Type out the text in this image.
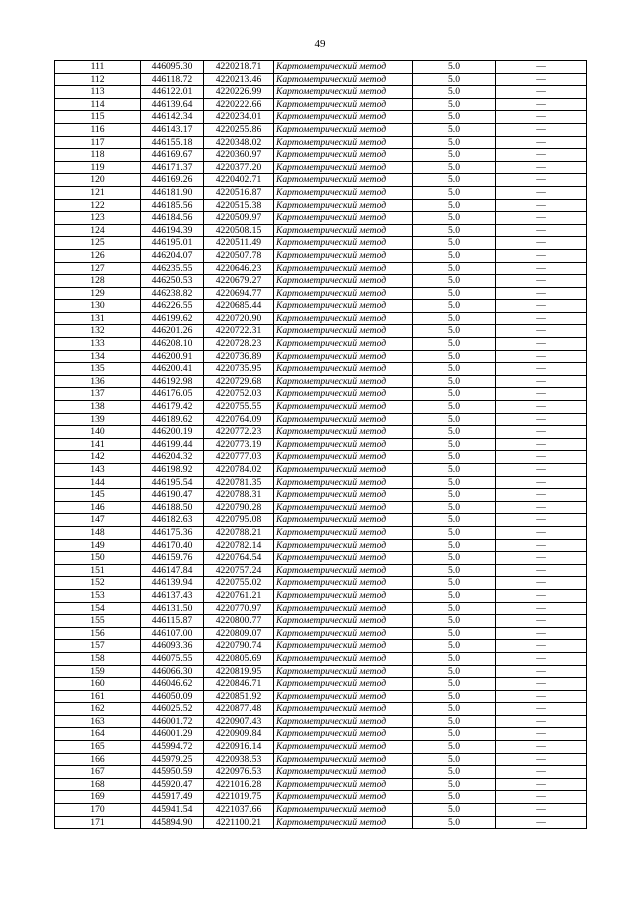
49
111	446095.30	4220218.71	Картометрический метод	5.0	—
112	446118.72	4220213.46	Картометрический метод	5.0	—
113	446122.01	4220226.99	Картометрический метод	5.0	—
114	446139.64	4220222.66	Картометрический метод	5.0	—
115	446142.34	4220234.01	Картометрический метод	5.0	—
116	446143.17	4220255.86	Картометрический метод	5.0	—
117	446155.18	4220348.02	Картометрический метод	5.0	—
118	446169.67	4220360.97	Картометрический метод	5.0	—
119	446171.37	4220377.20	Картометрический метод	5.0	—
120	446169.26	4220402.71	Картометрический метод	5.0	—
121	446181.90	4220516.87	Картометрический метод	5.0	—
122	446185.56	4220515.38	Картометрический метод	5.0	—
123	446184.56	4220509.97	Картометрический метод	5.0	—
124	446194.39	4220508.15	Картометрический метод	5.0	—
125	446195.01	4220511.49	Картометрический метод	5.0	—
126	446204.07	4220507.78	Картометрический метод	5.0	—
127	446235.55	4220646.23	Картометрический метод	5.0	—
128	446250.53	4220679.27	Картометрический метод	5.0	—
129	446238.82	4220694.77	Картометрический метод	5.0	—
130	446226.55	4220685.44	Картометрический метод	5.0	—
131	446199.62	4220720.90	Картометрический метод	5.0	—
132	446201.26	4220722.31	Картометрический метод	5.0	—
133	446208.10	4220728.23	Картометрический метод	5.0	—
134	446200.91	4220736.89	Картометрический метод	5.0	—
135	446200.41	4220735.95	Картометрический метод	5.0	—
136	446192.98	4220729.68	Картометрический метод	5.0	—
137	446176.05	4220752.03	Картометрический метод	5.0	—
138	446179.42	4220755.55	Картометрический метод	5.0	—
139	446189.62	4220764.09	Картометрический метод	5.0	—
140	446200.19	4220772.23	Картометрический метод	5.0	—
141	446199.44	4220773.19	Картометрический метод	5.0	—
142	446204.32	4220777.03	Картометрический метод	5.0	—
143	446198.92	4220784.02	Картометрический метод	5.0	—
144	446195.54	4220781.35	Картометрический метод	5.0	—
145	446190.47	4220788.31	Картометрический метод	5.0	—
146	446188.50	4220790.28	Картометрический метод	5.0	—
147	446182.63	4220795.08	Картометрический метод	5.0	—
148	446175.36	4220788.21	Картометрический метод	5.0	—
149	446170.40	4220782.14	Картометрический метод	5.0	—
150	446159.76	4220764.54	Картометрический метод	5.0	—
151	446147.84	4220757.24	Картометрический метод	5.0	—
152	446139.94	4220755.02	Картометрический метод	5.0	—
153	446137.43	4220761.21	Картометрический метод	5.0	—
154	446131.50	4220770.97	Картометрический метод	5.0	—
155	446115.87	4220800.77	Картометрический метод	5.0	—
156	446107.00	4220809.07	Картометрический метод	5.0	—
157	446093.36	4220790.74	Картометрический метод	5.0	—
158	446075.55	4220805.69	Картометрический метод	5.0	—
159	446066.30	4220819.95	Картометрический метод	5.0	—
160	446046.62	4220846.71	Картометрический метод	5.0	—
161	446050.09	4220851.92	Картометрический метод	5.0	—
162	446025.52	4220877.48	Картометрический метод	5.0	—
163	446001.72	4220907.43	Картометрический метод	5.0	—
164	446001.29	4220909.84	Картометрический метод	5.0	—
165	445994.72	4220916.14	Картометрический метод	5.0	—
166	445979.25	4220938.53	Картометрический метод	5.0	—
167	445950.59	4220976.53	Картометрический метод	5.0	—
168	445920.47	4221016.28	Картометрический метод	5.0	—
169	445917.49	4221019.75	Картометрический метод	5.0	—
170	445941.54	4221037.66	Картометрический метод	5.0	—
171	445894.90	4221100.21	Картометрический метод	5.0	—
